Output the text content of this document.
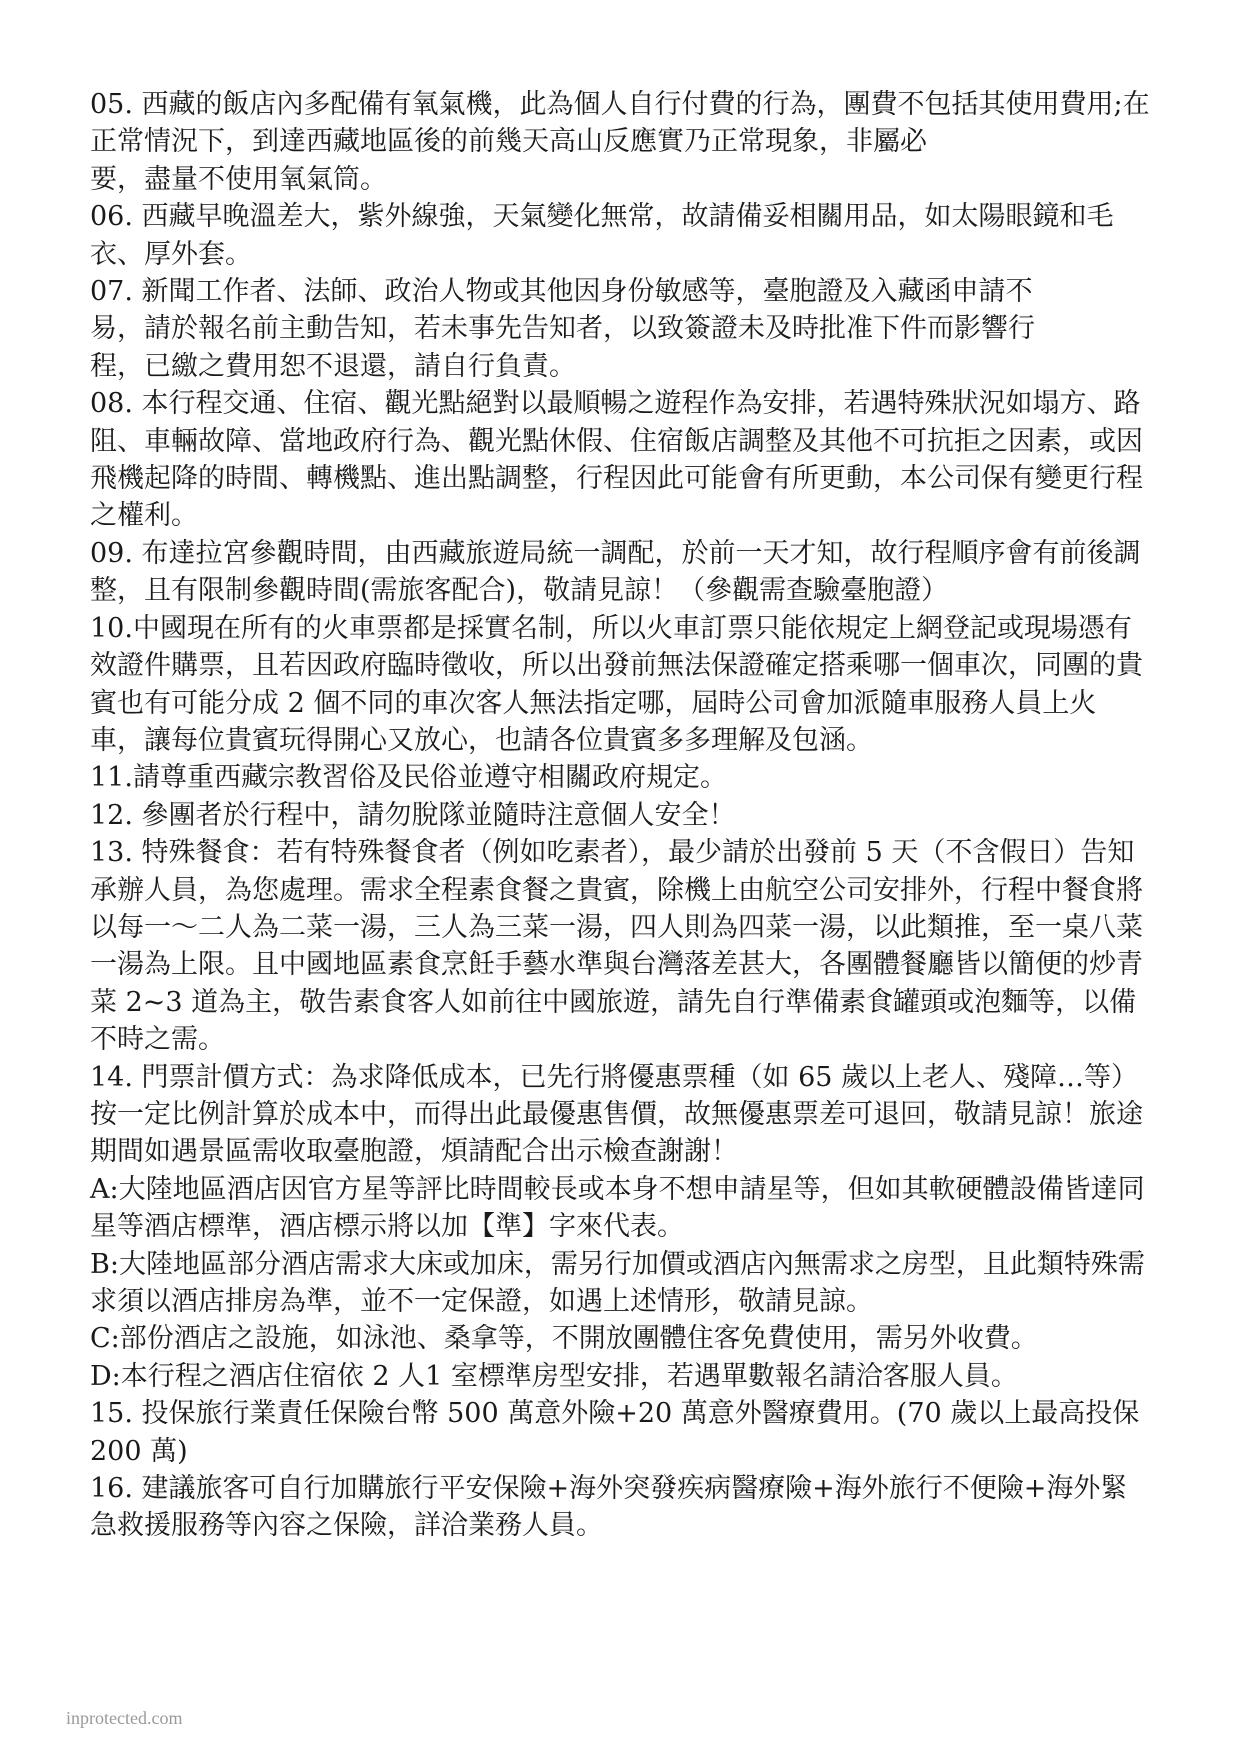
05. 西藏的飯店內多配備有氧氣機，此為個人自行付費的行為，團費不包括其使用費用;在正常情況下，到達西藏地區後的前幾天高山反應實乃正常現象，非屬必
要，盡量不使用氧氣筒。

06. 西藏早晚溫差大，紫外線強，天氣變化無常，故請備妥相關用品，如太陽眼鏡和毛衣、厚外套。

07. 新聞工作者、法師、政治人物或其他因身份敏感等，臺胞證及入藏函申請不
易，請於報名前主動告知，若未事先告知者，以致簽證未及時批准下件而影響行
程，已繳之費用恕不退還，請自行負責。

08. 本行程交通、住宿、觀光點絕對以最順暢之遊程作為安排，若遇特殊狀況如塌方、路阻、車輛故障、當地政府行為、觀光點休假、住宿飯店調整及其他不可抗拒之因素，或因飛機起降的時間、轉機點、進出點調整，行程因此可能會有所更動，本公司保有變更行程之權利。

09. 布達拉宮參觀時間，由西藏旅遊局統一調配，於前一天才知，故行程順序會有前後調整，且有限制參觀時間(需旅客配合)，敬請見諒！（參觀需查驗臺胞證）

10.中國現在所有的火車票都是採實名制，所以火車訂票只能依規定上網登記或現場憑有效證件購票，且若因政府臨時徵收，所以出發前無法保證確定搭乘哪一個車次，同團的貴賓也有可能分成 2 個不同的車次客人無法指定哪，屆時公司會加派隨車服務人員上火車，讓每位貴賓玩得開心又放心，也請各位貴賓多多理解及包涵。

11.請尊重西藏宗教習俗及民俗並遵守相關政府規定。

12. 參團者於行程中，請勿脫隊並隨時注意個人安全！

13. 特殊餐食：若有特殊餐食者（例如吃素者），最少請於出發前 5 天（不含假日）告知承辦人員，為您處理。需求全程素食餐之貴賓，除機上由航空公司安排外，行程中餐食將以每一～二人為二菜一湯，三人為三菜一湯，四人則為四菜一湯，以此類推，至一桌八菜一湯為上限。且中國地區素食烹飪手藝水準與台灣落差甚大，各團體餐廳皆以簡便的炒青菜 2~3 道為主，敬告素食客人如前往中國旅遊，請先自行準備素食罐頭或泡麵等，以備不時之需。

14. 門票計價方式：為求降低成本，已先行將優惠票種（如 65 歲以上老人、殘障…等）按一定比例計算於成本中，而得出此最優惠售價，故無優惠票差可退回，敬請見諒！旅途期間如遇景區需收取臺胞證，煩請配合出示檢查謝謝！

A:大陸地區酒店因官方星等評比時間較長或本身不想申請星等，但如其軟硬體設備皆達同星等酒店標準，酒店標示將以加【準】字來代表。

B:大陸地區部分酒店需求大床或加床，需另行加價或酒店內無需求之房型，且此類特殊需求須以酒店排房為準，並不一定保證，如遇上述情形，敬請見諒。

C:部份酒店之設施，如泳池、桑拿等，不開放團體住客免費使用，需另外收費。

D:本行程之酒店住宿依 2 人1 室標準房型安排，若遇單數報名請洽客服人員。

15. 投保旅行業責任保險台幣 500 萬意外險+20 萬意外醫療費用。(70 歲以上最高投保 200 萬)

16. 建議旅客可自行加購旅行平安保險+海外突發疾病醫療險+海外旅行不便險+海外緊急救援服務等內容之保險，詳洽業務人員。

inprotected.com
